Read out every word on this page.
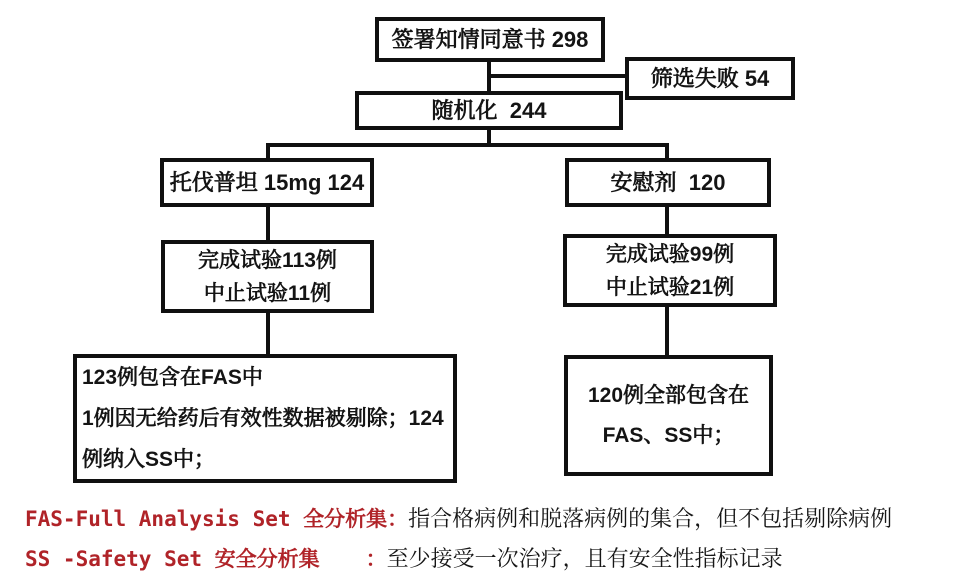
签署知情同意书 298
筛选失败 54
随机化  244
托伐普坦 15mg 124	安慰剂  120
完成试验113例
中止试验11例
完成试验99例
中止试验21例
123例包含在FAS中
1例因无给药后有效性数据被剔除；124
例纳入SS中；
120例全部包含在
FAS、SS中；
FAS-Full Analysis Set 全分析集：指合格病例和脱落病例的集合，但不包括剔除病例
SS -Safety Set 安全分析集 ：至少接受一次治疗，且有安全性指标记录
